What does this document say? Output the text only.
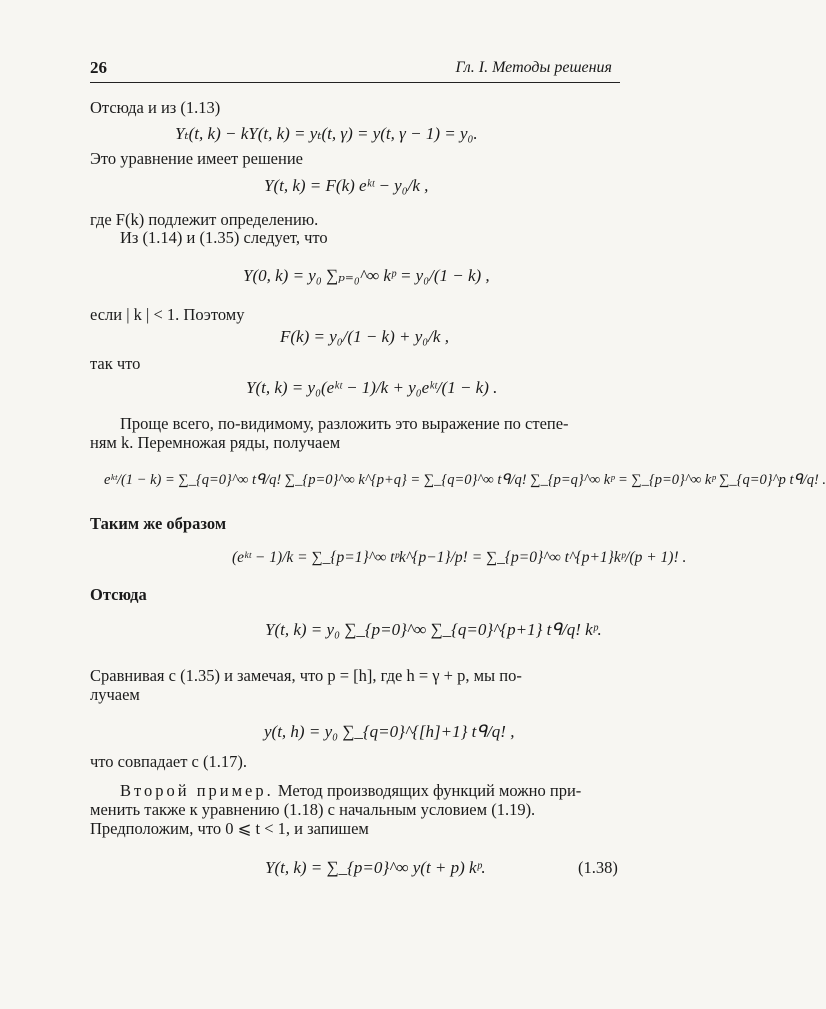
26	Гл. I. Методы решения
Отсюда и из (1.13)
Yₜ(t, k) − kY(t, k) = yₜ(t, γ) = y(t, γ − 1) = y₀.
Это уравнение имеет решение
Y(t, k) = F(k) eᵏᵗ − y₀/k ,
где F(k) подлежит определению.
Из (1.14) и (1.35) следует, что
Y(0, k) = y₀ ∑ₚ₌₀^∞ kᵖ = y₀/(1 − k) ,
если | k | < 1. Поэтому
F(k) = y₀/(1 − k) + y₀/k ,
так что
Y(t, k) = y₀(eᵏᵗ − 1)/k + y₀eᵏᵗ/(1 − k) .
Проще всего, по-видимому, разложить это выражение по степе-
ням k. Перемножая ряды, получаем
eᵏᵗ/(1 − k) = ∑_{q=0}^∞ tᑫ/q! ∑_{p=0}^∞ k^{p+q} = ∑_{q=0}^∞ tᑫ/q! ∑_{p=q}^∞ kᵖ = ∑_{p=0}^∞ kᵖ ∑_{q=0}^p tᑫ/q! .
Таким же образом
(eᵏᵗ − 1)/k = ∑_{p=1}^∞ tᵖk^{p−1}/p! = ∑_{p=0}^∞ t^{p+1}kᵖ/(p + 1)! .
Отсюда
Y(t, k) = y₀ ∑_{p=0}^∞ ∑_{q=0}^{p+1} tᑫ/q! kᵖ.
Сравнивая с (1.35) и замечая, что p = [h], где h = γ + p, мы по-
лучаем
y(t, h) = y₀ ∑_{q=0}^{[h]+1} tᑫ/q! ,
что совпадает с (1.17).
Второй пример. Метод производящих функций можно при-
менить также к уравнению (1.18) с начальным условием (1.19).
Предположим, что 0 ⩽ t < 1, и запишем
Y(t, k) = ∑_{p=0}^∞ y(t + p) kᵖ.	(1.38)
